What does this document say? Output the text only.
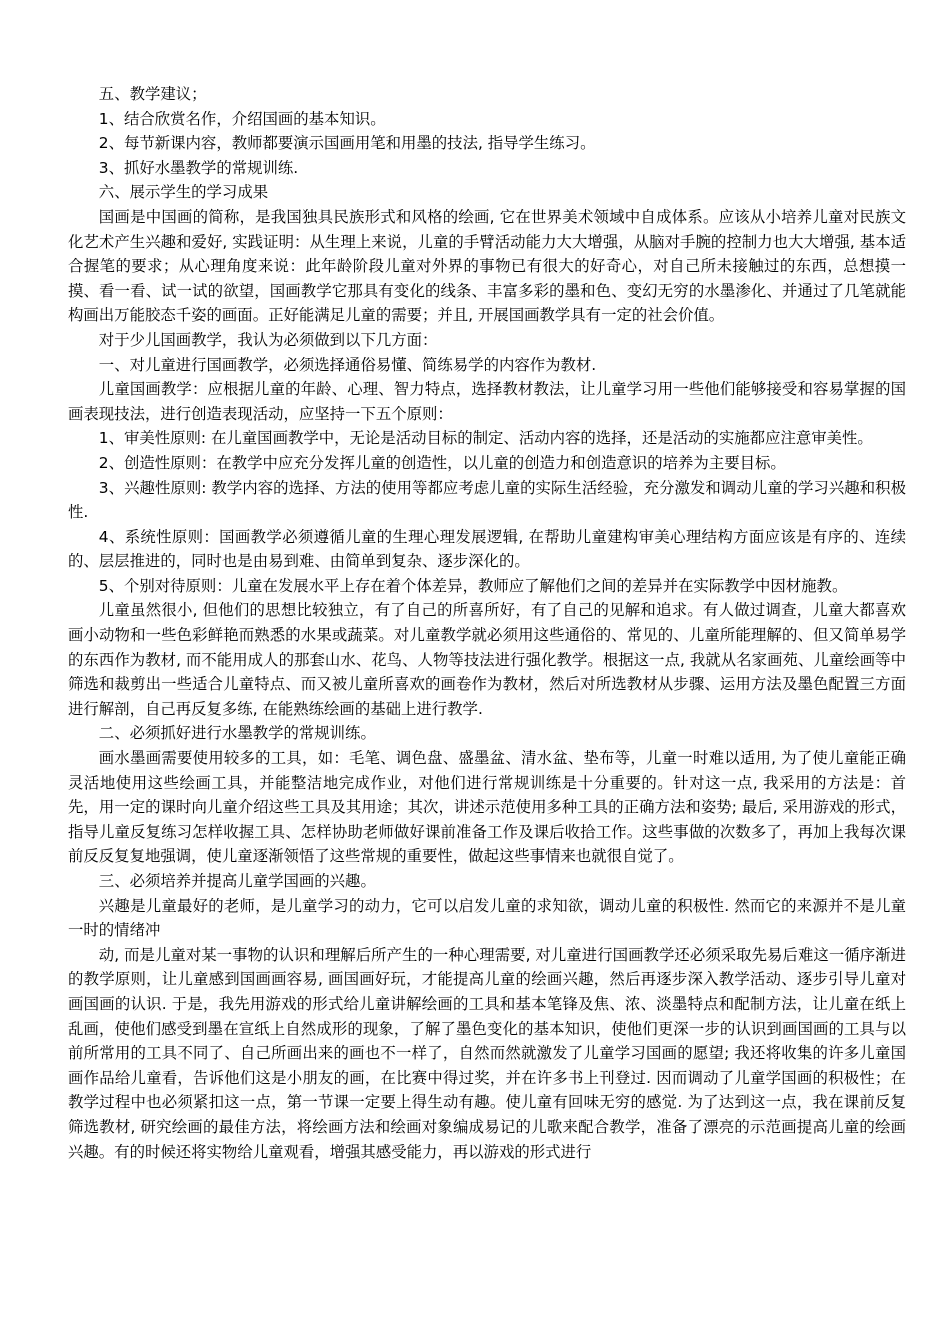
五、教学建议；

1、结合欣赏名作，介绍国画的基本知识。

2、每节新课内容，教师都要演示国画用笔和用墨的技法, 指导学生练习。

3、抓好水墨教学的常规训练.

六、展示学生的学习成果

国画是中国画的简称，是我国独具民族形式和风格的绘画, 它在世界美术领域中自成体系。应该从小培养儿童对民族文化艺术产生兴趣和爱好, 实践证明：从生理上来说，儿童的手臂活动能力大大增强，从脑对手腕的控制力也大大增强, 基本适合握笔的要求；从心理角度来说：此年龄阶段儿童对外界的事物已有很大的好奇心，对自己所未接触过的东西，总想摸一摸、看一看、试一试的欲望，国画教学它那具有变化的线条、丰富多彩的墨和色、变幻无穷的水墨渗化、并通过了几笔就能构画出万能胶态千姿的画面。正好能满足儿童的需要；并且, 开展国画教学具有一定的社会价值。

对于少儿国画教学，我认为必须做到以下几方面：

一、对儿童进行国画教学，必须选择通俗易懂、简练易学的内容作为教材.

儿童国画教学：应根据儿童的年龄、心理、智力特点，选择教材教法，让儿童学习用一些他们能够接受和容易掌握的国画表现技法，进行创造表现活动，应坚持一下五个原则：

1、审美性原则: 在儿童国画教学中，无论是活动目标的制定、活动内容的选择，还是活动的实施都应注意审美性。

2、创造性原则：在教学中应充分发挥儿童的创造性，以儿童的创造力和创造意识的培养为主要目标。

3、兴趣性原则: 教学内容的选择、方法的使用等都应考虑儿童的实际生活经验，充分激发和调动儿童的学习兴趣和积极性.

4、系统性原则：国画教学必须遵循儿童的生理心理发展逻辑, 在帮助儿童建构审美心理结构方面应该是有序的、连续的、层层推进的，同时也是由易到难、由简单到复杂、逐步深化的。

5、个别对待原则：儿童在发展水平上存在着个体差异，教师应了解他们之间的差异并在实际教学中因材施教。

儿童虽然很小, 但他们的思想比较独立，有了自己的所喜所好，有了自己的见解和追求。有人做过调查，儿童大都喜欢画小动物和一些色彩鲜艳而熟悉的水果或蔬菜。对儿童教学就必须用这些通俗的、常见的、儿童所能理解的、但又简单易学的东西作为教材, 而不能用成人的那套山水、花鸟、人物等技法进行强化教学。根据这一点, 我就从名家画苑、儿童绘画等中筛选和裁剪出一些适合儿童特点、而又被儿童所喜欢的画卷作为教材，然后对所选教材从步骤、运用方法及墨色配置三方面进行解剖，自己再反复多练, 在能熟练绘画的基础上进行教学.

二、必须抓好进行水墨教学的常规训练。

画水墨画需要使用较多的工具，如：毛笔、调色盘、盛墨盆、清水盆、垫布等，儿童一时难以适用, 为了使儿童能正确灵活地使用这些绘画工具，并能整洁地完成作业，对他们进行常规训练是十分重要的。针对这一点, 我采用的方法是：首先，用一定的课时向儿童介绍这些工具及其用途；其次，讲述示范使用多种工具的正确方法和姿势; 最后, 采用游戏的形式，指导儿童反复练习怎样收握工具、怎样协助老师做好课前准备工作及课后收拾工作。这些事做的次数多了，再加上我每次课前反反复复地强调，使儿童逐渐领悟了这些常规的重要性，做起这些事情来也就很自觉了。

三、必须培养并提高儿童学国画的兴趣。

兴趣是儿童最好的老师，是儿童学习的动力，它可以启发儿童的求知欲，调动儿童的积极性. 然而它的来源并不是儿童一时的情绪冲

动, 而是儿童对某一事物的认识和理解后所产生的一种心理需要, 对儿童进行国画教学还必须采取先易后难这一循序渐进的教学原则，让儿童感到国画画容易, 画国画好玩，才能提高儿童的绘画兴趣，然后再逐步深入教学活动、逐步引导儿童对画国画的认识. 于是，我先用游戏的形式给儿童讲解绘画的工具和基本笔锋及焦、浓、淡墨特点和配制方法，让儿童在纸上乱画，使他们感受到墨在宣纸上自然成形的现象，了解了墨色变化的基本知识，使他们更深一步的认识到画国画的工具与以前所常用的工具不同了、自己所画出来的画也不一样了，自然而然就激发了儿童学习国画的愿望; 我还将收集的许多儿童国画作品给儿童看，告诉他们这是小朋友的画，在比赛中得过奖，并在许多书上刊登过. 因而调动了儿童学国画的积极性；在教学过程中也必须紧扣这一点，第一节课一定要上得生动有趣。使儿童有回味无穷的感觉. 为了达到这一点，我在课前反复筛选教材, 研究绘画的最佳方法，将绘画方法和绘画对象编成易记的儿歌来配合教学，准备了漂亮的示范画提高儿童的绘画兴趣。有的时候还将实物给儿童观看，增强其感受能力，再以游戏的形式进行
